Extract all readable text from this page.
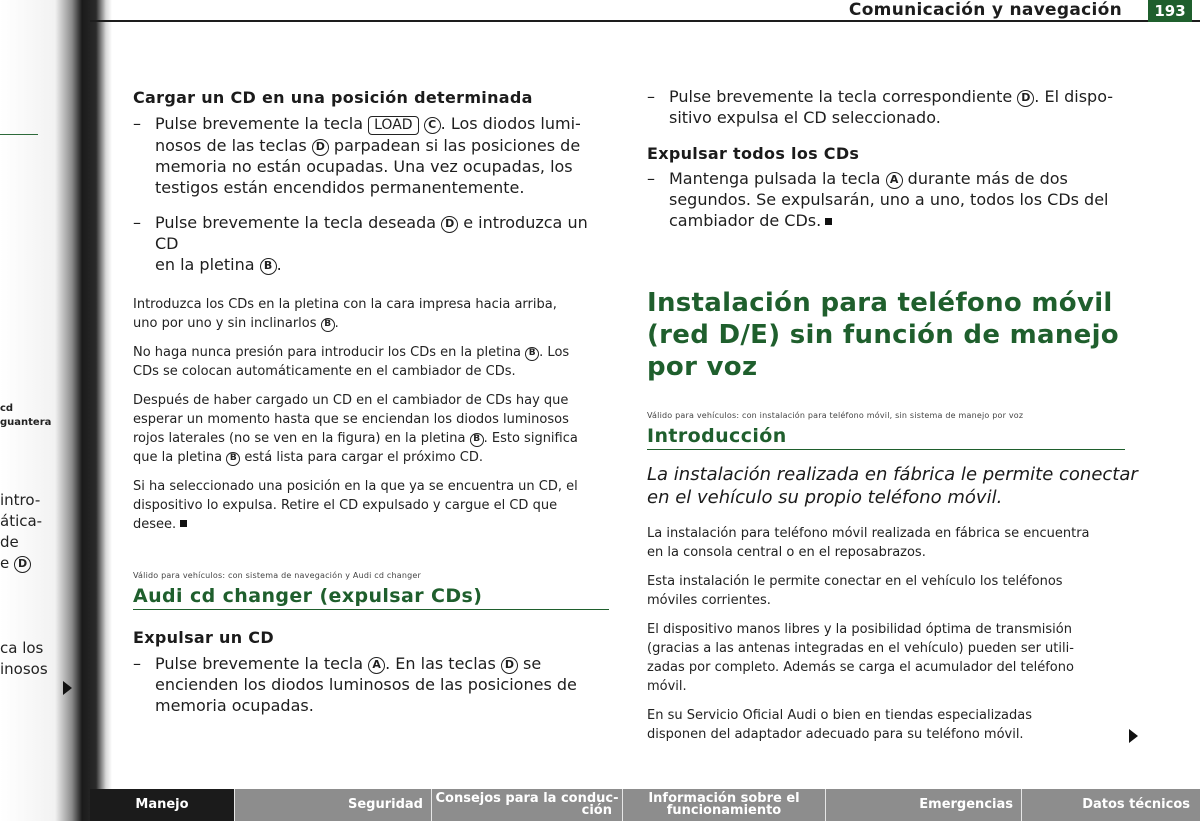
cd
guantera
intro-
ática-
de
e D
ca los
inosos
Comunicación y navegación	193
Cargar un CD en una posición determinada
– Pulse brevemente la tecla LOAD C . Los diodos lumi-
nosos de las teclas D parpadean si las posiciones de
memoria no están ocupadas. Una vez ocupadas, los
testigos están encendidos permanentemente.
– Pulse brevemente la tecla deseada D e introduzca un CD
en la pletina B .
Introduzca los CDs en la pletina con la cara impresa hacia arriba,
uno por uno y sin inclinarlos B .
No haga nunca presión para introducir los CDs en la pletina B . Los
CDs se colocan automáticamente en el cambiador de CDs.
Después de haber cargado un CD en el cambiador de CDs hay que
esperar un momento hasta que se enciendan los diodos luminosos
rojos laterales (no se ven en la figura) en la pletina B . Esto significa
que la pletina B está lista para cargar el próximo CD.
Si ha seleccionado una posición en la que ya se encuentra un CD, el
dispositivo lo expulsa. Retire el CD expulsado y cargue el CD que
desee.
Válido para vehículos: con sistema de navegación y Audi cd changer
Audi cd changer (expulsar CDs)
Expulsar un CD
– Pulse brevemente la tecla A . En las teclas D se
encienden los diodos luminosos de las posiciones de
memoria ocupadas.
– Pulse brevemente la tecla correspondiente D . El dispo-
sitivo expulsa el CD seleccionado.
Expulsar todos los CDs
– Mantenga pulsada la tecla A durante más de dos
segundos. Se expulsarán, uno a uno, todos los CDs del
cambiador de CDs.
Instalación para teléfono móvil
(red D/E) sin función de manejo
por voz
Válido para vehículos: con instalación para teléfono móvil, sin sistema de manejo por voz
Introducción
La instalación realizada en fábrica le permite conectar
en el vehículo su propio teléfono móvil.
La instalación para teléfono móvil realizada en fábrica se encuentra
en la consola central o en el reposabrazos.
Esta instalación le permite conectar en el vehículo los teléfonos
móviles corrientes.
El dispositivo manos libres y la posibilidad óptima de transmisión
(gracias a las antenas integradas en el vehículo) pueden ser utili-
zadas por completo. Además se carga el acumulador del teléfono
móvil.
En su Servicio Oficial Audi o bien en tiendas especializadas
disponen del adaptador adecuado para su teléfono móvil.
Manejo	Seguridad Consejos para la conduc-
ción
Información sobre el
funcionamiento	Emergencias	Datos técnicos
